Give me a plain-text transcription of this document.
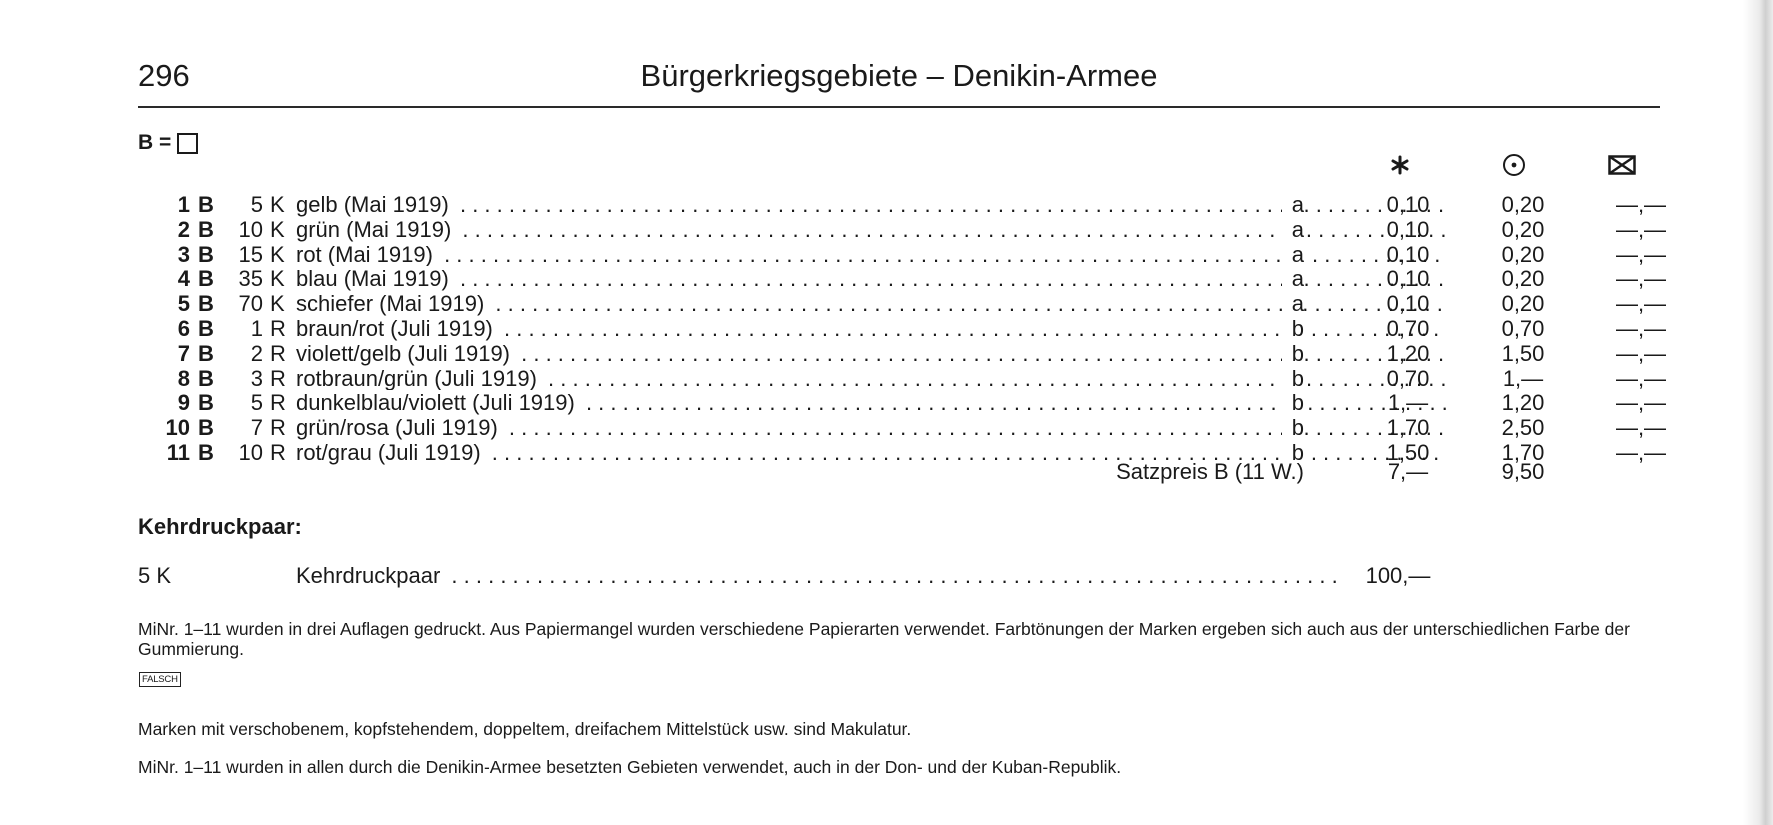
296	Bürgerkriegsgebiete – Denikin-Armee
B =
1 B	5 K gelb (Mai 1919) . . .	a	0,10	0,20	—,—
2 B	10 K grün (Mai 1919) . . .	a	0,10	0,20	—,—
3 B	15 K rot (Mai 1919) . . .	a	0,10	0,20	—,—
4 B	35 K blau (Mai 1919) . . .	a	0,10	0,20	—,—
5 B	70 K schiefer (Mai 1919) . . .	a	0,10	0,20	—,—
6 B	1 R braun/rot (Juli 1919) . . .	b	0,70	0,70	—,—
7 B	2 R violett/gelb (Juli 1919) . . .	b	1,20	1,50	—,—
8 B	3 R rotbraun/grün (Juli 1919) . . .	b	0,70	1,—	—,—
9 B	5 R dunkelblau/violett (Juli 1919) . . .	b	1,—	1,20	—,—
10 B	7 R grün/rosa (Juli 1919) . . .	b	1,70	2,50	—,—
11 B	10 R rot/grau (Juli 1919) . . .	b	1,50	1,70	—,—
Satzpreis B (11 W.)	7,—	9,50
Kehrdruckpaar:
5 K	Kehrdruckpaar . . .	100,—
MiNr. 1–11 wurden in drei Auflagen gedruckt. Aus Papiermangel wurden verschiedene Papierarten verwendet. Farbtönungen der Marken ergeben sich auch aus der unterschiedlichen Farbe der Gummierung.
FALSCH
Marken mit verschobenem, kopfstehendem, doppeltem, dreifachem Mittelstück usw. sind Makulatur.
MiNr. 1–11 wurden in allen durch die Denikin-Armee besetzten Gebieten verwendet, auch in der Don- und der Kuban-Republik.
